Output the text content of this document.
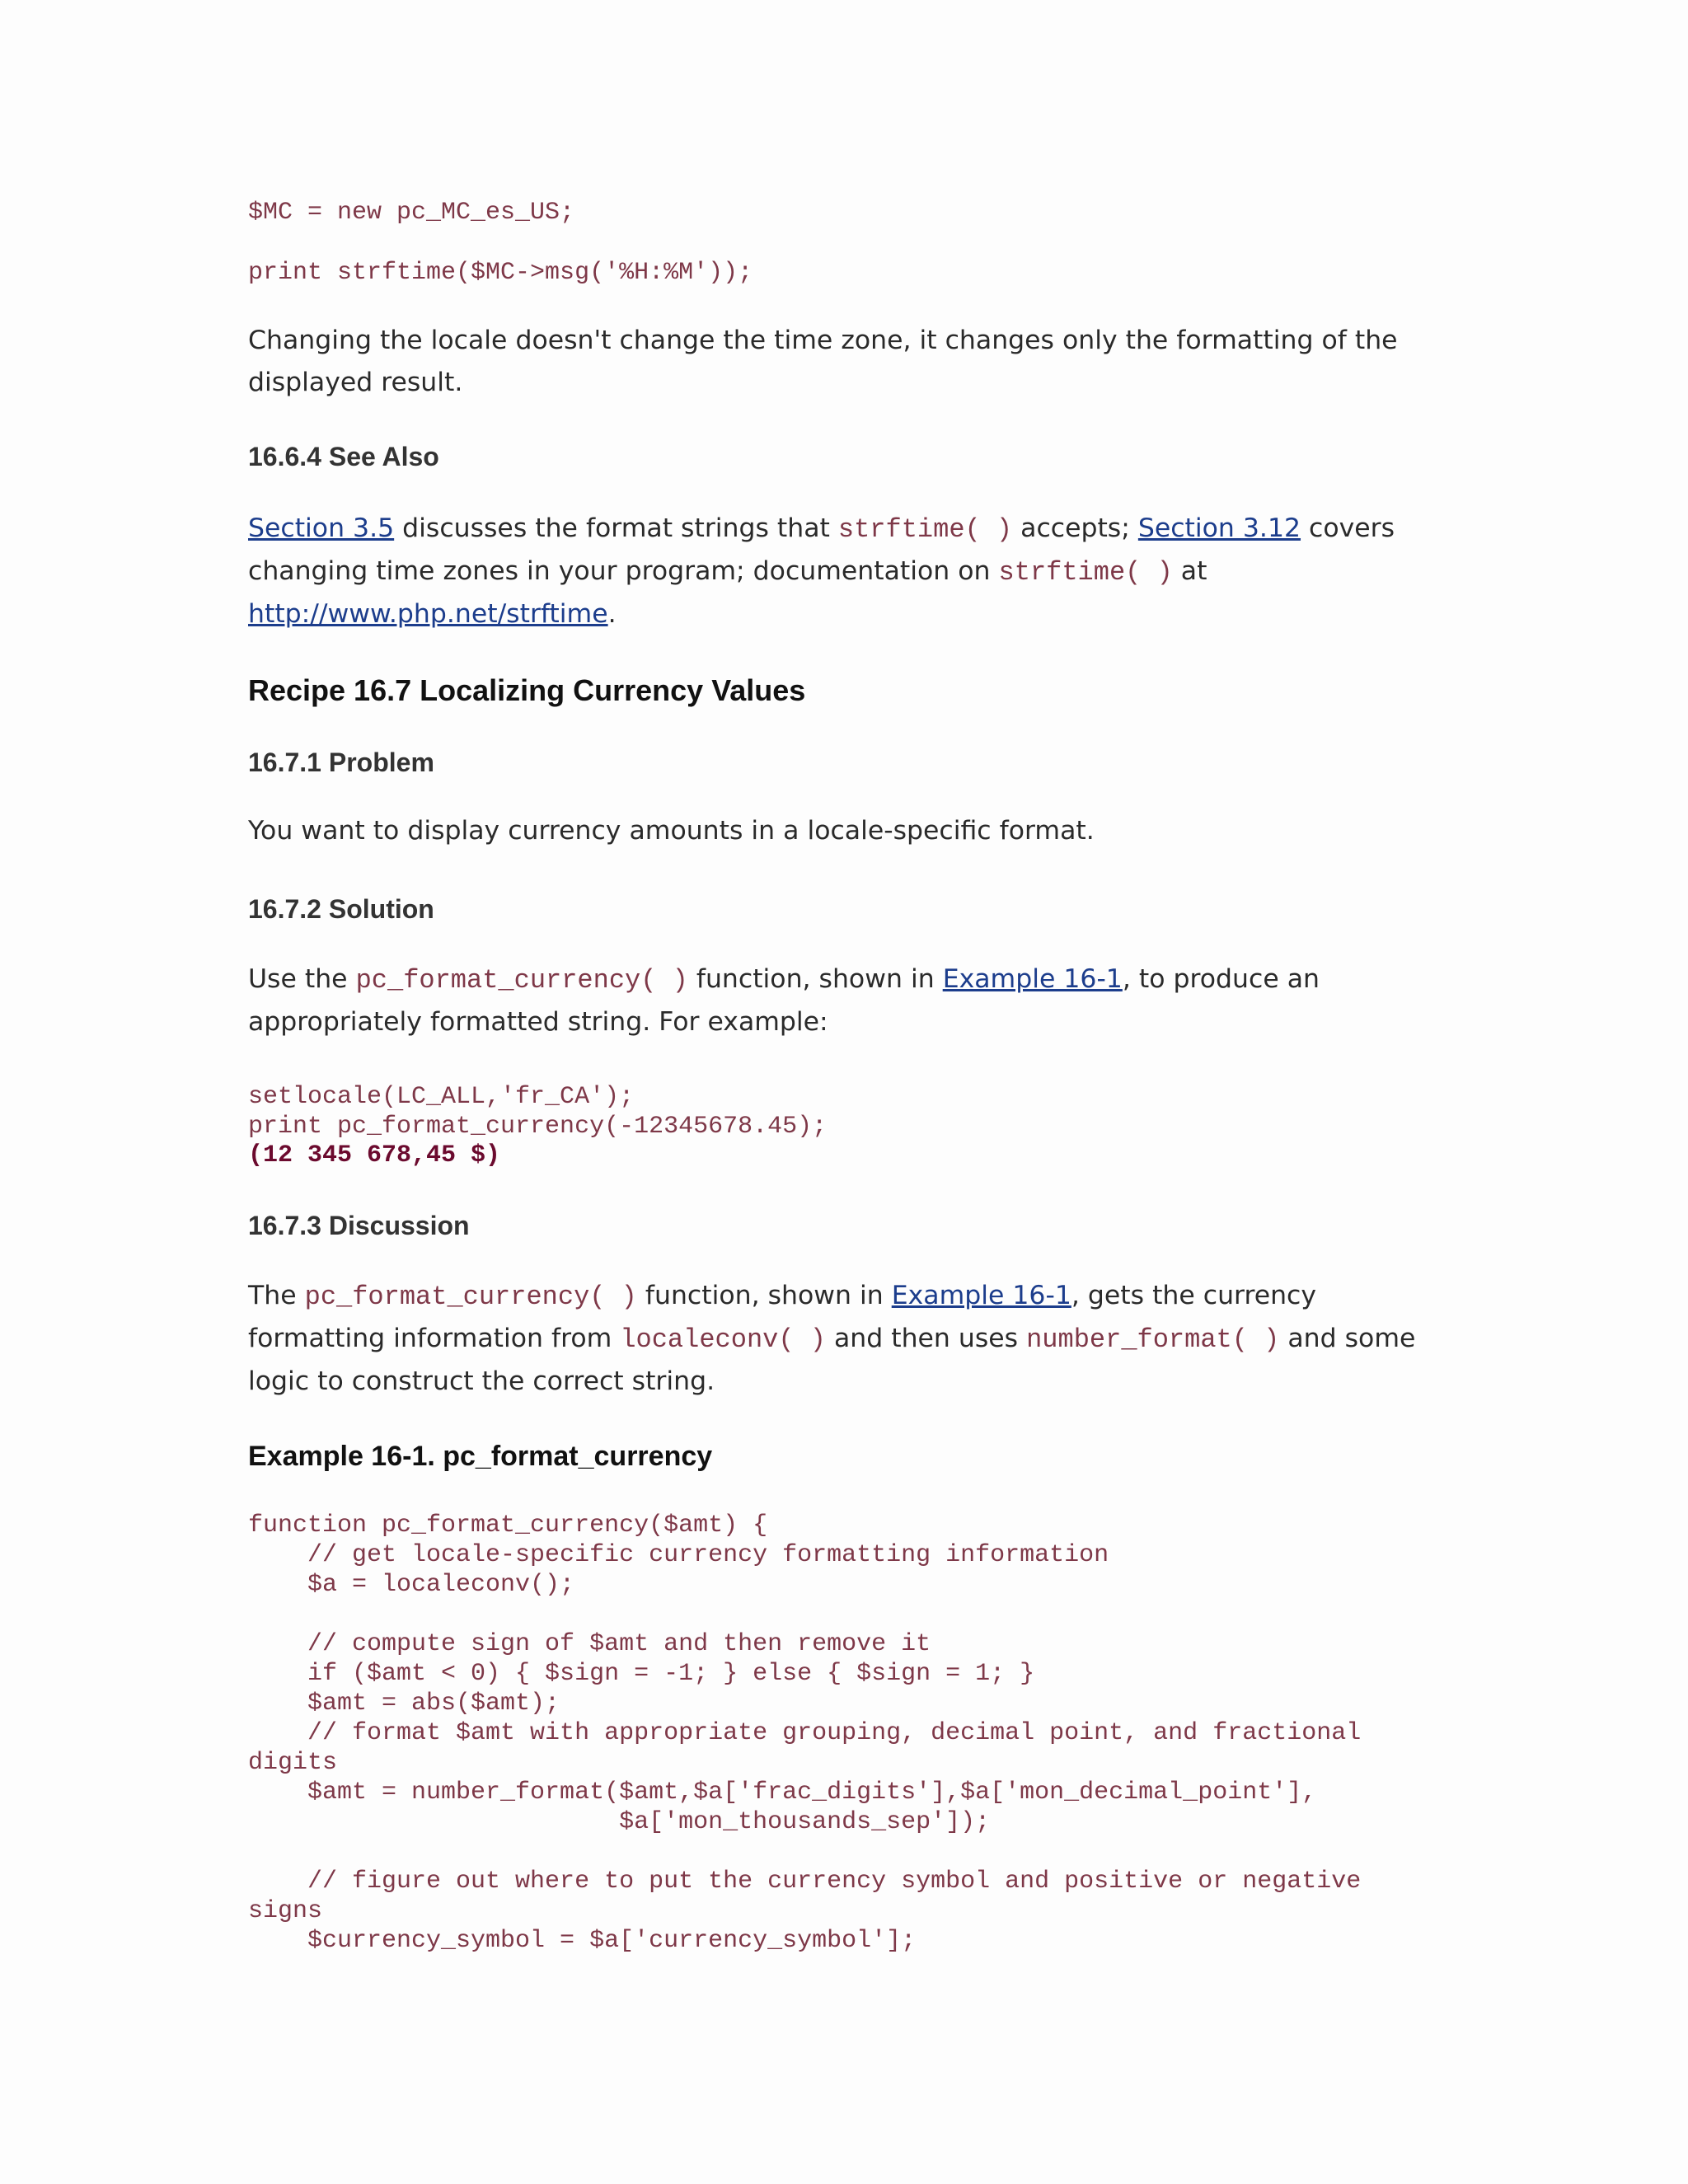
$MC = new pc_MC_es_US;
print strftime($MC->msg('%H:%M'));

Changing the locale doesn't change the time zone, it changes only the formatting of the displayed result.

16.6.4 See Also

Section 3.5 discusses the format strings that strftime( ) accepts; Section 3.12 covers changing time zones in your program; documentation on strftime( ) at http://www.php.net/strftime.

Recipe 16.7 Localizing Currency Values
16.7.1 Problem

You want to display currency amounts in a locale-specific format.

16.7.2 Solution

Use the pc_format_currency( ) function, shown in Example 16-1, to produce an appropriately formatted string. For example:

setlocale(LC_ALL,'fr_CA');
print pc_format_currency(-12345678.45);
(12 345 678,45 $)
16.7.3 Discussion

The pc_format_currency( ) function, shown in Example 16-1, gets the currency formatting information from localeconv( ) and then uses number_format( ) and some logic to construct the correct string.

Example 16-1. pc_format_currency
function pc_format_currency($amt) {
// get locale-specific currency formatting information
$a = localeconv();

// compute sign of $amt and then remove it
if ($amt < 0) { $sign = -1; } else { $sign = 1; }
$amt = abs($amt);
// format $amt with appropriate grouping, decimal point, and fractional
digits
$amt = number_format($amt,$a['frac_digits'],$a['mon_decimal_point'],
$a['mon_thousands_sep']);

// figure out where to put the currency symbol and positive or negative
signs
$currency_symbol = $a['currency_symbol'];
